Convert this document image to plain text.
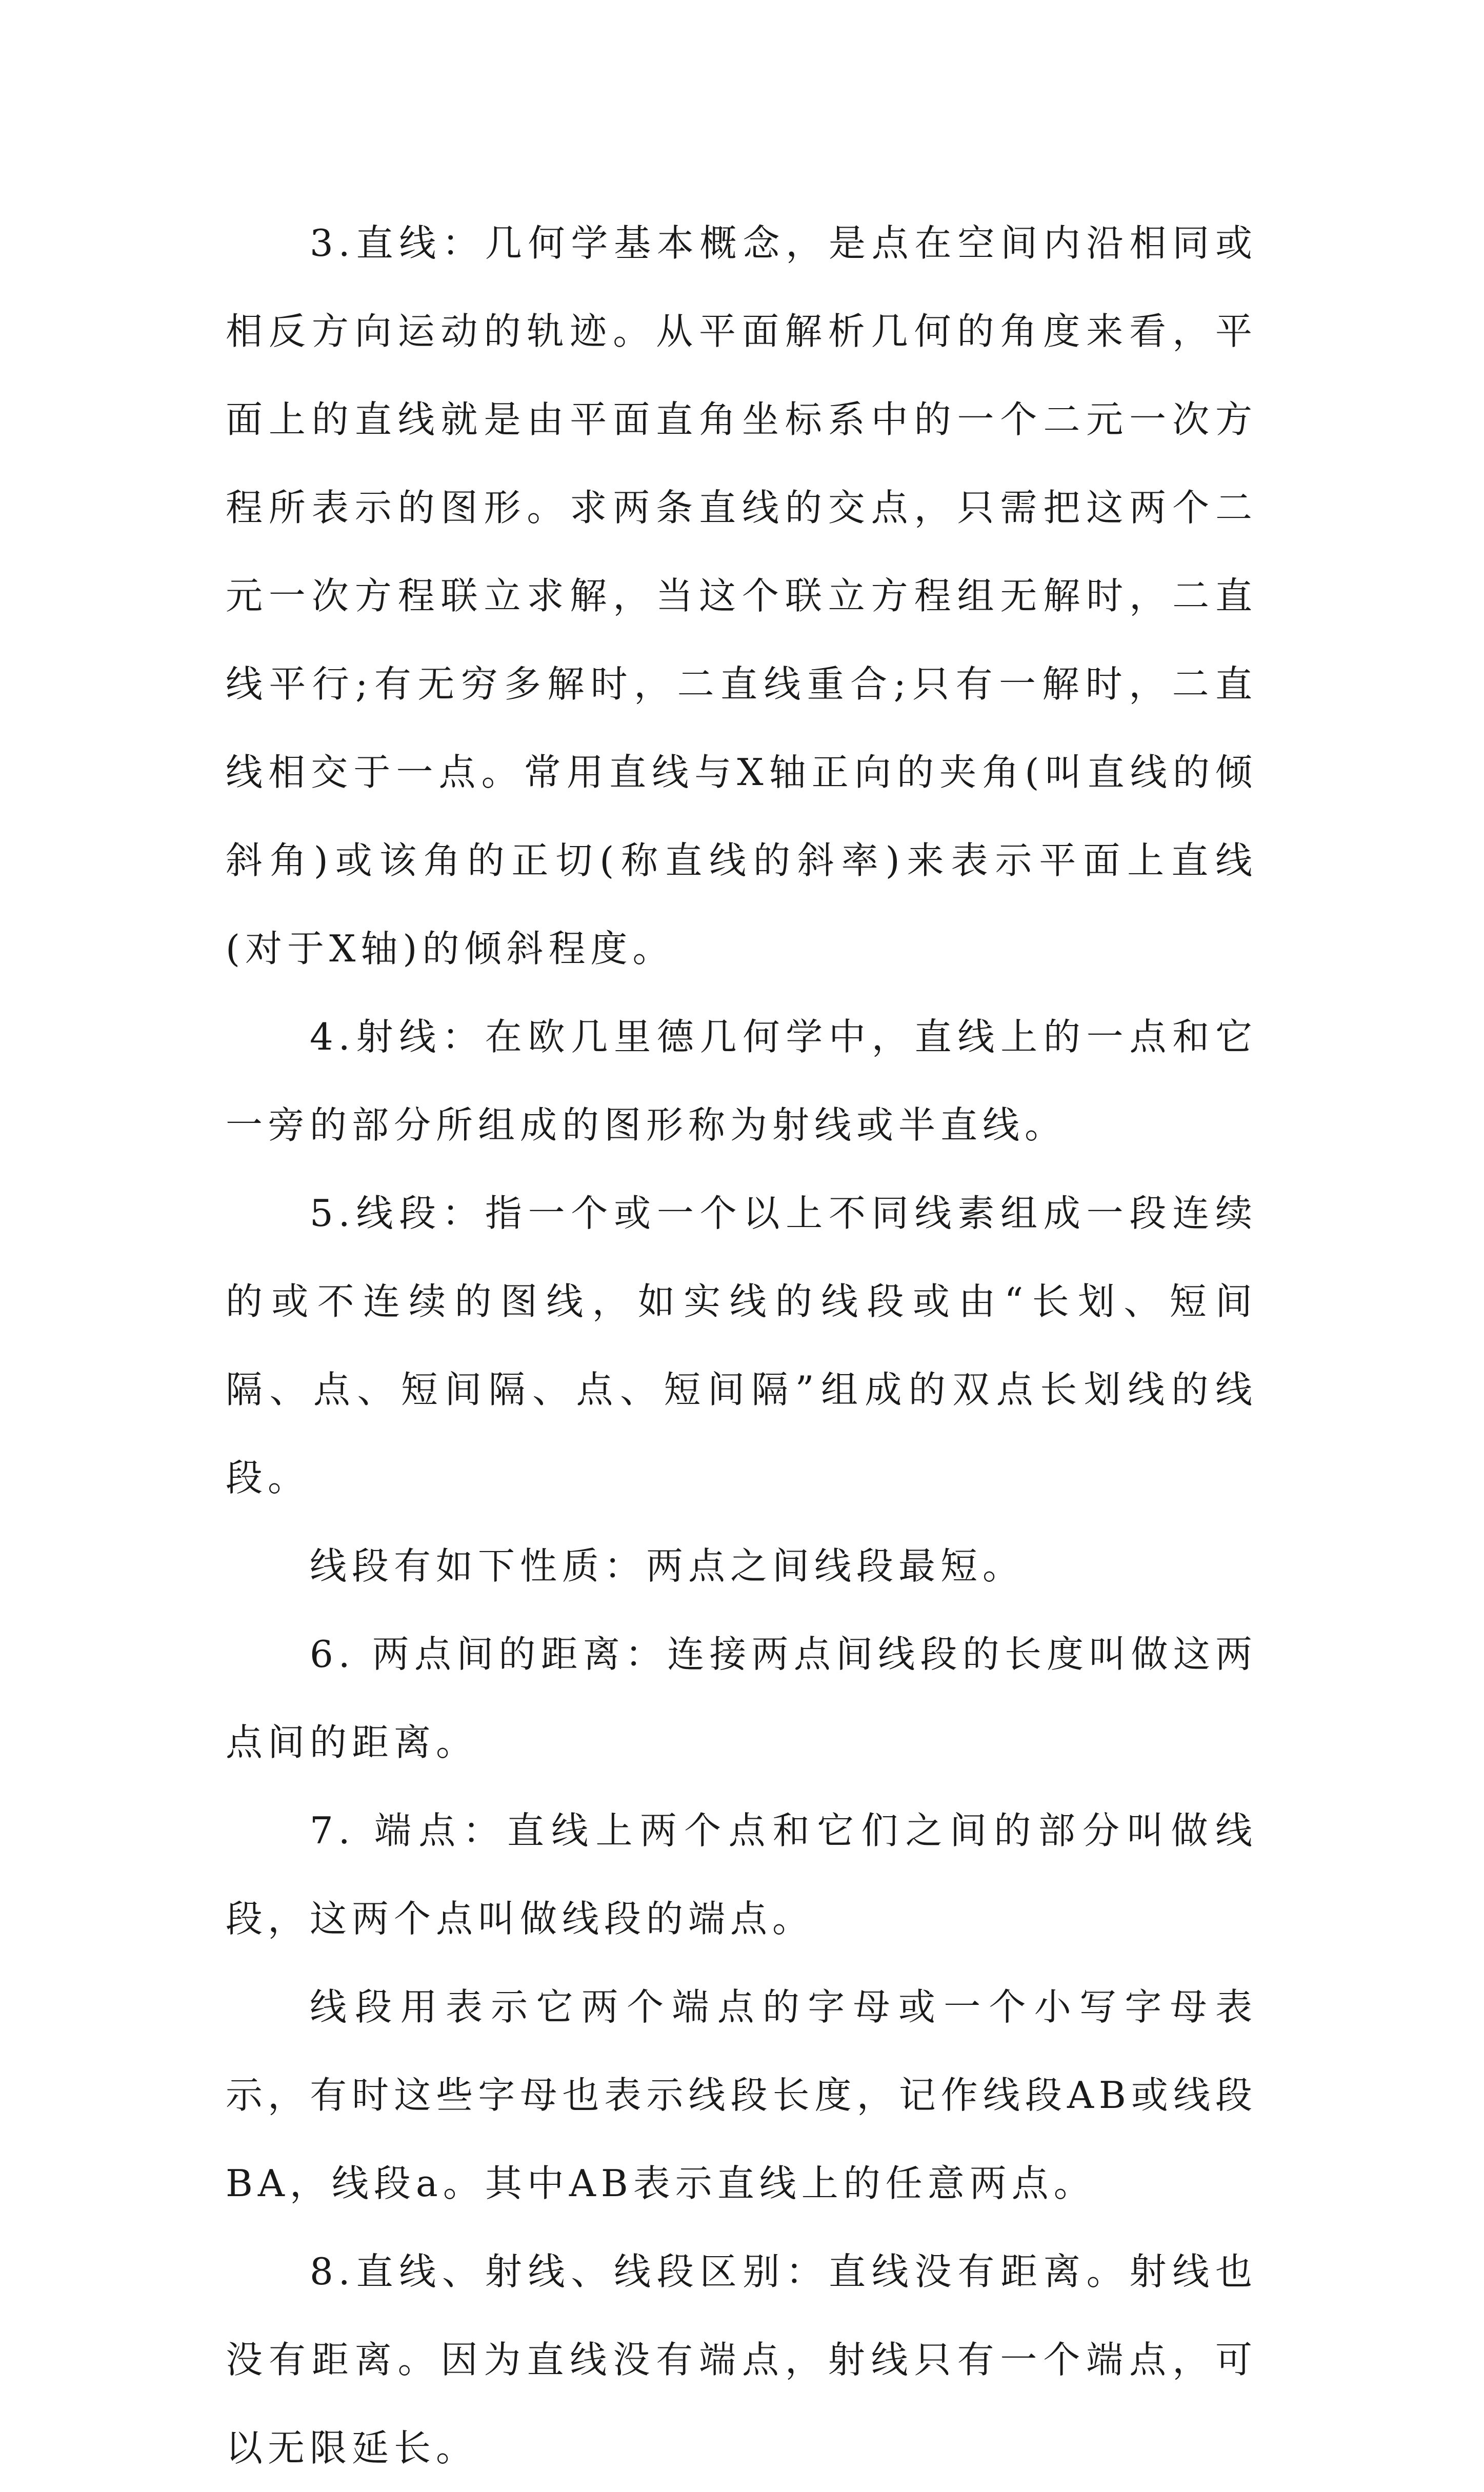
3.直线：几何学基本概念，是点在空间内沿相同或相反方向运动的轨迹。从平面解析几何的角度来看，平面上的直线就是由平面直角坐标系中的一个二元一次方程所表示的图形。求两条直线的交点，只需把这两个二元一次方程联立求解，当这个联立方程组无解时，二直线平行;有无穷多解时，二直线重合;只有一解时，二直线相交于一点。常用直线与X轴正向的夹角(叫直线的倾斜角)或该角的正切(称直线的斜率)来表示平面上直线(对于X轴)的倾斜程度。

4.射线：在欧几里德几何学中，直线上的一点和它一旁的部分所组成的图形称为射线或半直线。

5.线段：指一个或一个以上不同线素组成一段连续的或不连续的图线，如实线的线段或由“长划、短间隔、点、短间隔、点、短间隔”组成的双点长划线的线段。

线段有如下性质：两点之间线段最短。

6. 两点间的距离：连接两点间线段的长度叫做这两点间的距离。

7. 端点：直线上两个点和它们之间的部分叫做线段，这两个点叫做线段的端点。

线段用表示它两个端点的字母或一个小写字母表示，有时这些字母也表示线段长度，记作线段AB或线段BA，线段a。其中AB表示直线上的任意两点。

8.直线、射线、线段区别：直线没有距离。射线也没有距离。因为直线没有端点，射线只有一个端点，可以无限延长。
